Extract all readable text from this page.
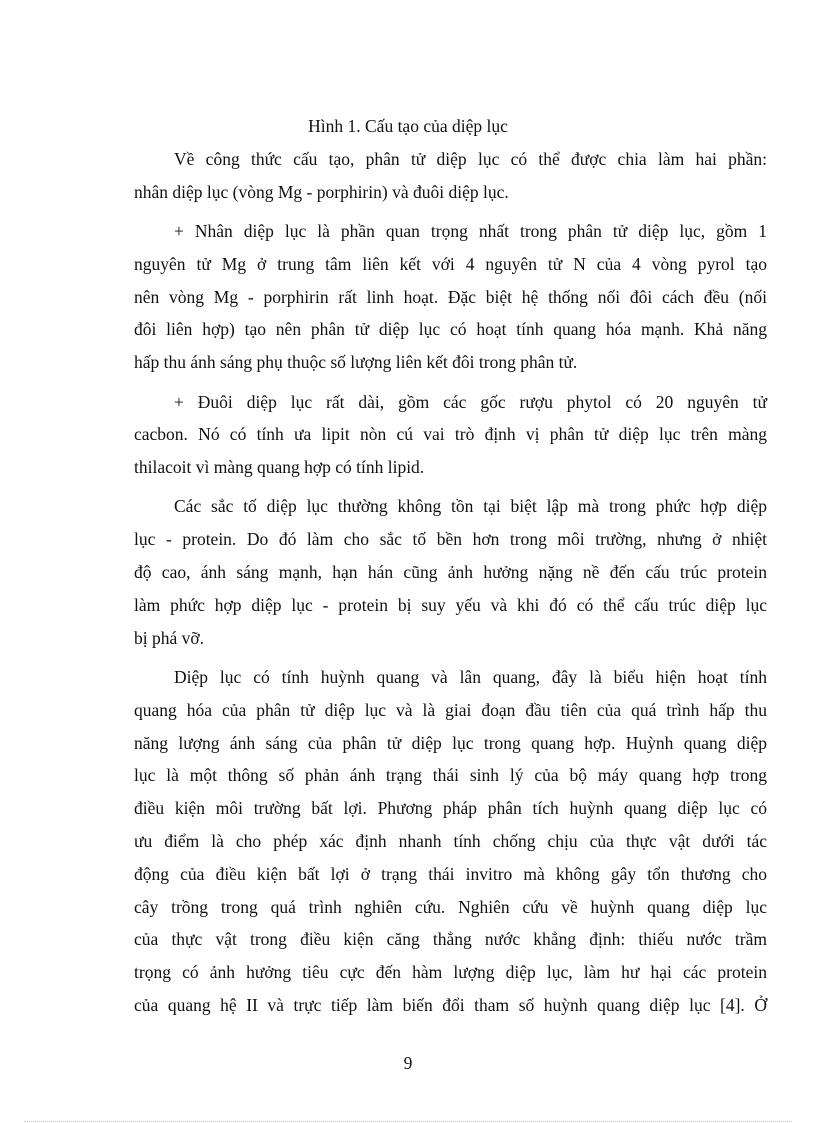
Hình 1. Cấu tạo của diệp lục
Về công thức cấu tạo, phân tử diệp lục có thể được chia làm hai phần:
nhân diệp lục (vòng Mg - porphirin) và đuôi diệp lục.
+ Nhân diệp lục là phần quan trọng nhất trong phân tử diệp lục, gồm 1
nguyên tử Mg ở trung tâm liên kết với 4 nguyên tử N của 4 vòng pyrol tạo
nên vòng Mg - porphirin rất linh hoạt. Đặc biệt hệ thống nối đôi cách đều (nối
đôi liên hợp) tạo nên phân tử diệp lục có hoạt tính quang hóa mạnh. Khả năng
hấp thu ánh sáng phụ thuộc số lượng liên kết đôi trong phân tử.
+ Đuôi diệp lục rất dài, gồm các gốc rượu phytol có 20 nguyên tử
cacbon. Nó có tính ưa lipit nòn cú vai trò định vị phân tử diệp lục trên màng
thilacoit vì màng quang hợp có tính lipid.
Các sắc tố diệp lục thường không tồn tại biệt lập mà trong phức hợp diệp
lục - protein. Do đó làm cho sắc tố bền hơn trong môi trường, nhưng ở nhiệt
độ cao, ánh sáng mạnh, hạn hán cũng ảnh hưởng nặng nề đến cấu trúc protein
làm phức hợp diệp lục - protein bị suy yếu và khi đó có thể cấu trúc diệp lục
bị phá vỡ.
Diệp lục có tính huỳnh quang và lân quang, đây là biểu hiện hoạt tính
quang hóa của phân tử diệp lục và là giai đoạn đầu tiên của quá trình hấp thu
năng lượng ánh sáng của phân tử diệp lục trong quang hợp. Huỳnh quang diệp
lục là một thông số phản ánh trạng thái sinh lý của bộ máy quang hợp trong
điều kiện môi trường bất lợi. Phương pháp phân tích huỳnh quang diệp lục có
ưu điểm là cho phép xác định nhanh tính chống chịu của thực vật dưới tác
động của điều kiện bất lợi ở trạng thái invitro mà không gây tổn thương cho
cây trồng trong quá trình nghiên cứu. Nghiên cứu về huỳnh quang diệp lục
của thực vật trong điều kiện căng thẳng nước khẳng định: thiếu nước trầm
trọng có ảnh hưởng tiêu cực đến hàm lượng diệp lục, làm hư hại các protein
của quang hệ II và trực tiếp làm biến đổi tham số huỳnh quang diệp lục [4]. Ở
9
